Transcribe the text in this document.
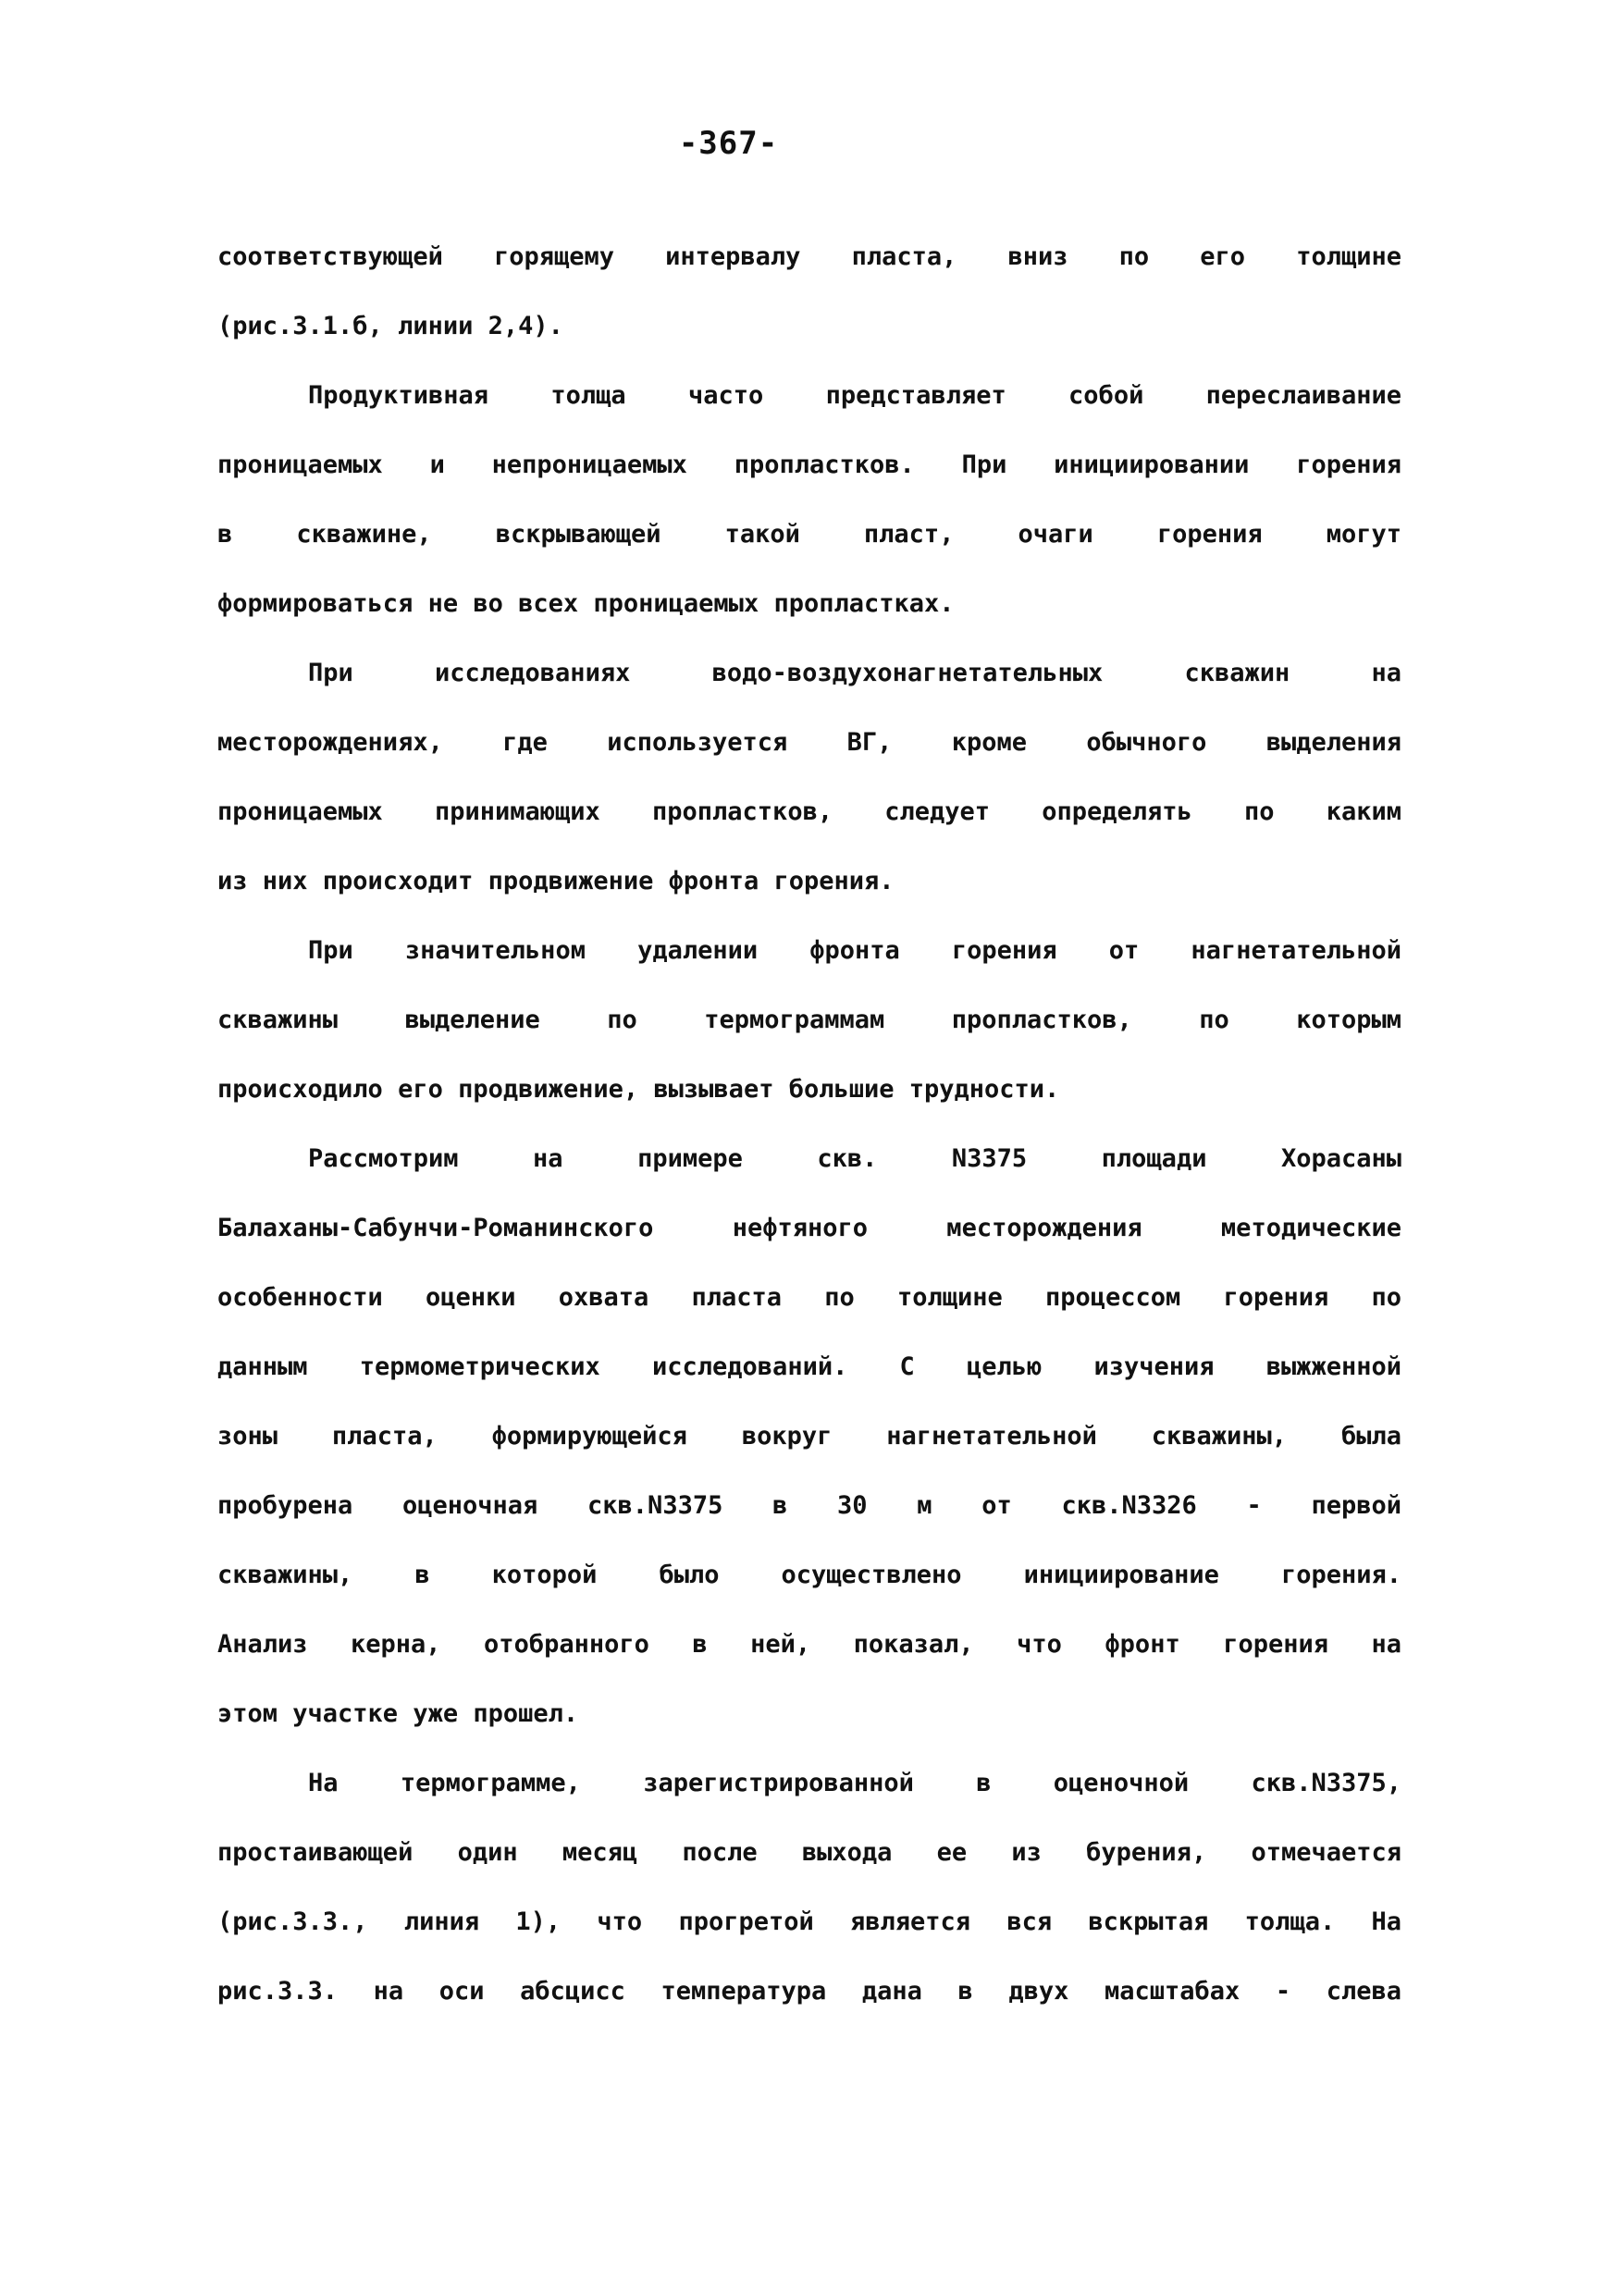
-367-
соответствующей горящему интервалу пласта, вниз по его толщине
(рис.3.1.б, линии 2,4).
Продуктивная толща часто представляет собой переслаивание
проницаемых и непроницаемых пропластков. При инициировании горения
в скважине, вскрывающей такой пласт, очаги горения могут
формироваться не во всех проницаемых пропластках.
При исследованиях водо-воздухонагнетательных скважин на
месторождениях, где используется ВГ, кроме обычного выделения
проницаемых принимающих пропластков, следует определять по каким
из них происходит продвижение фронта горения.
При значительном удалении фронта горения от нагнетательной
скважины выделение по термограммам пропластков, по которым
происходило его продвижение, вызывает большие трудности.
Рассмотрим на примере скв. N3375 площади Хорасаны
Балаханы-Сабунчи-Романинского нефтяного месторождения методические
особенности оценки охвата пласта по толщине процессом горения по
данным термометрических исследований. С целью изучения выжженной
зоны пласта, формирующейся вокруг нагнетательной скважины, была
пробурена оценочная скв.N3375 в 30 м от скв.N3326 - первой
скважины, в которой было осуществлено инициирование горения.
Анализ керна, отобранного в ней, показал, что фронт горения на
этом участке уже прошел.
На термограмме, зарегистрированной в оценочной скв.N3375,
простаивающей один месяц после выхода ее из бурения, отмечается
(рис.3.3., линия 1), что прогретой является вся вскрытая толща. На
рис.3.3. на оси абсцисс температура дана в двух масштабах - слева
